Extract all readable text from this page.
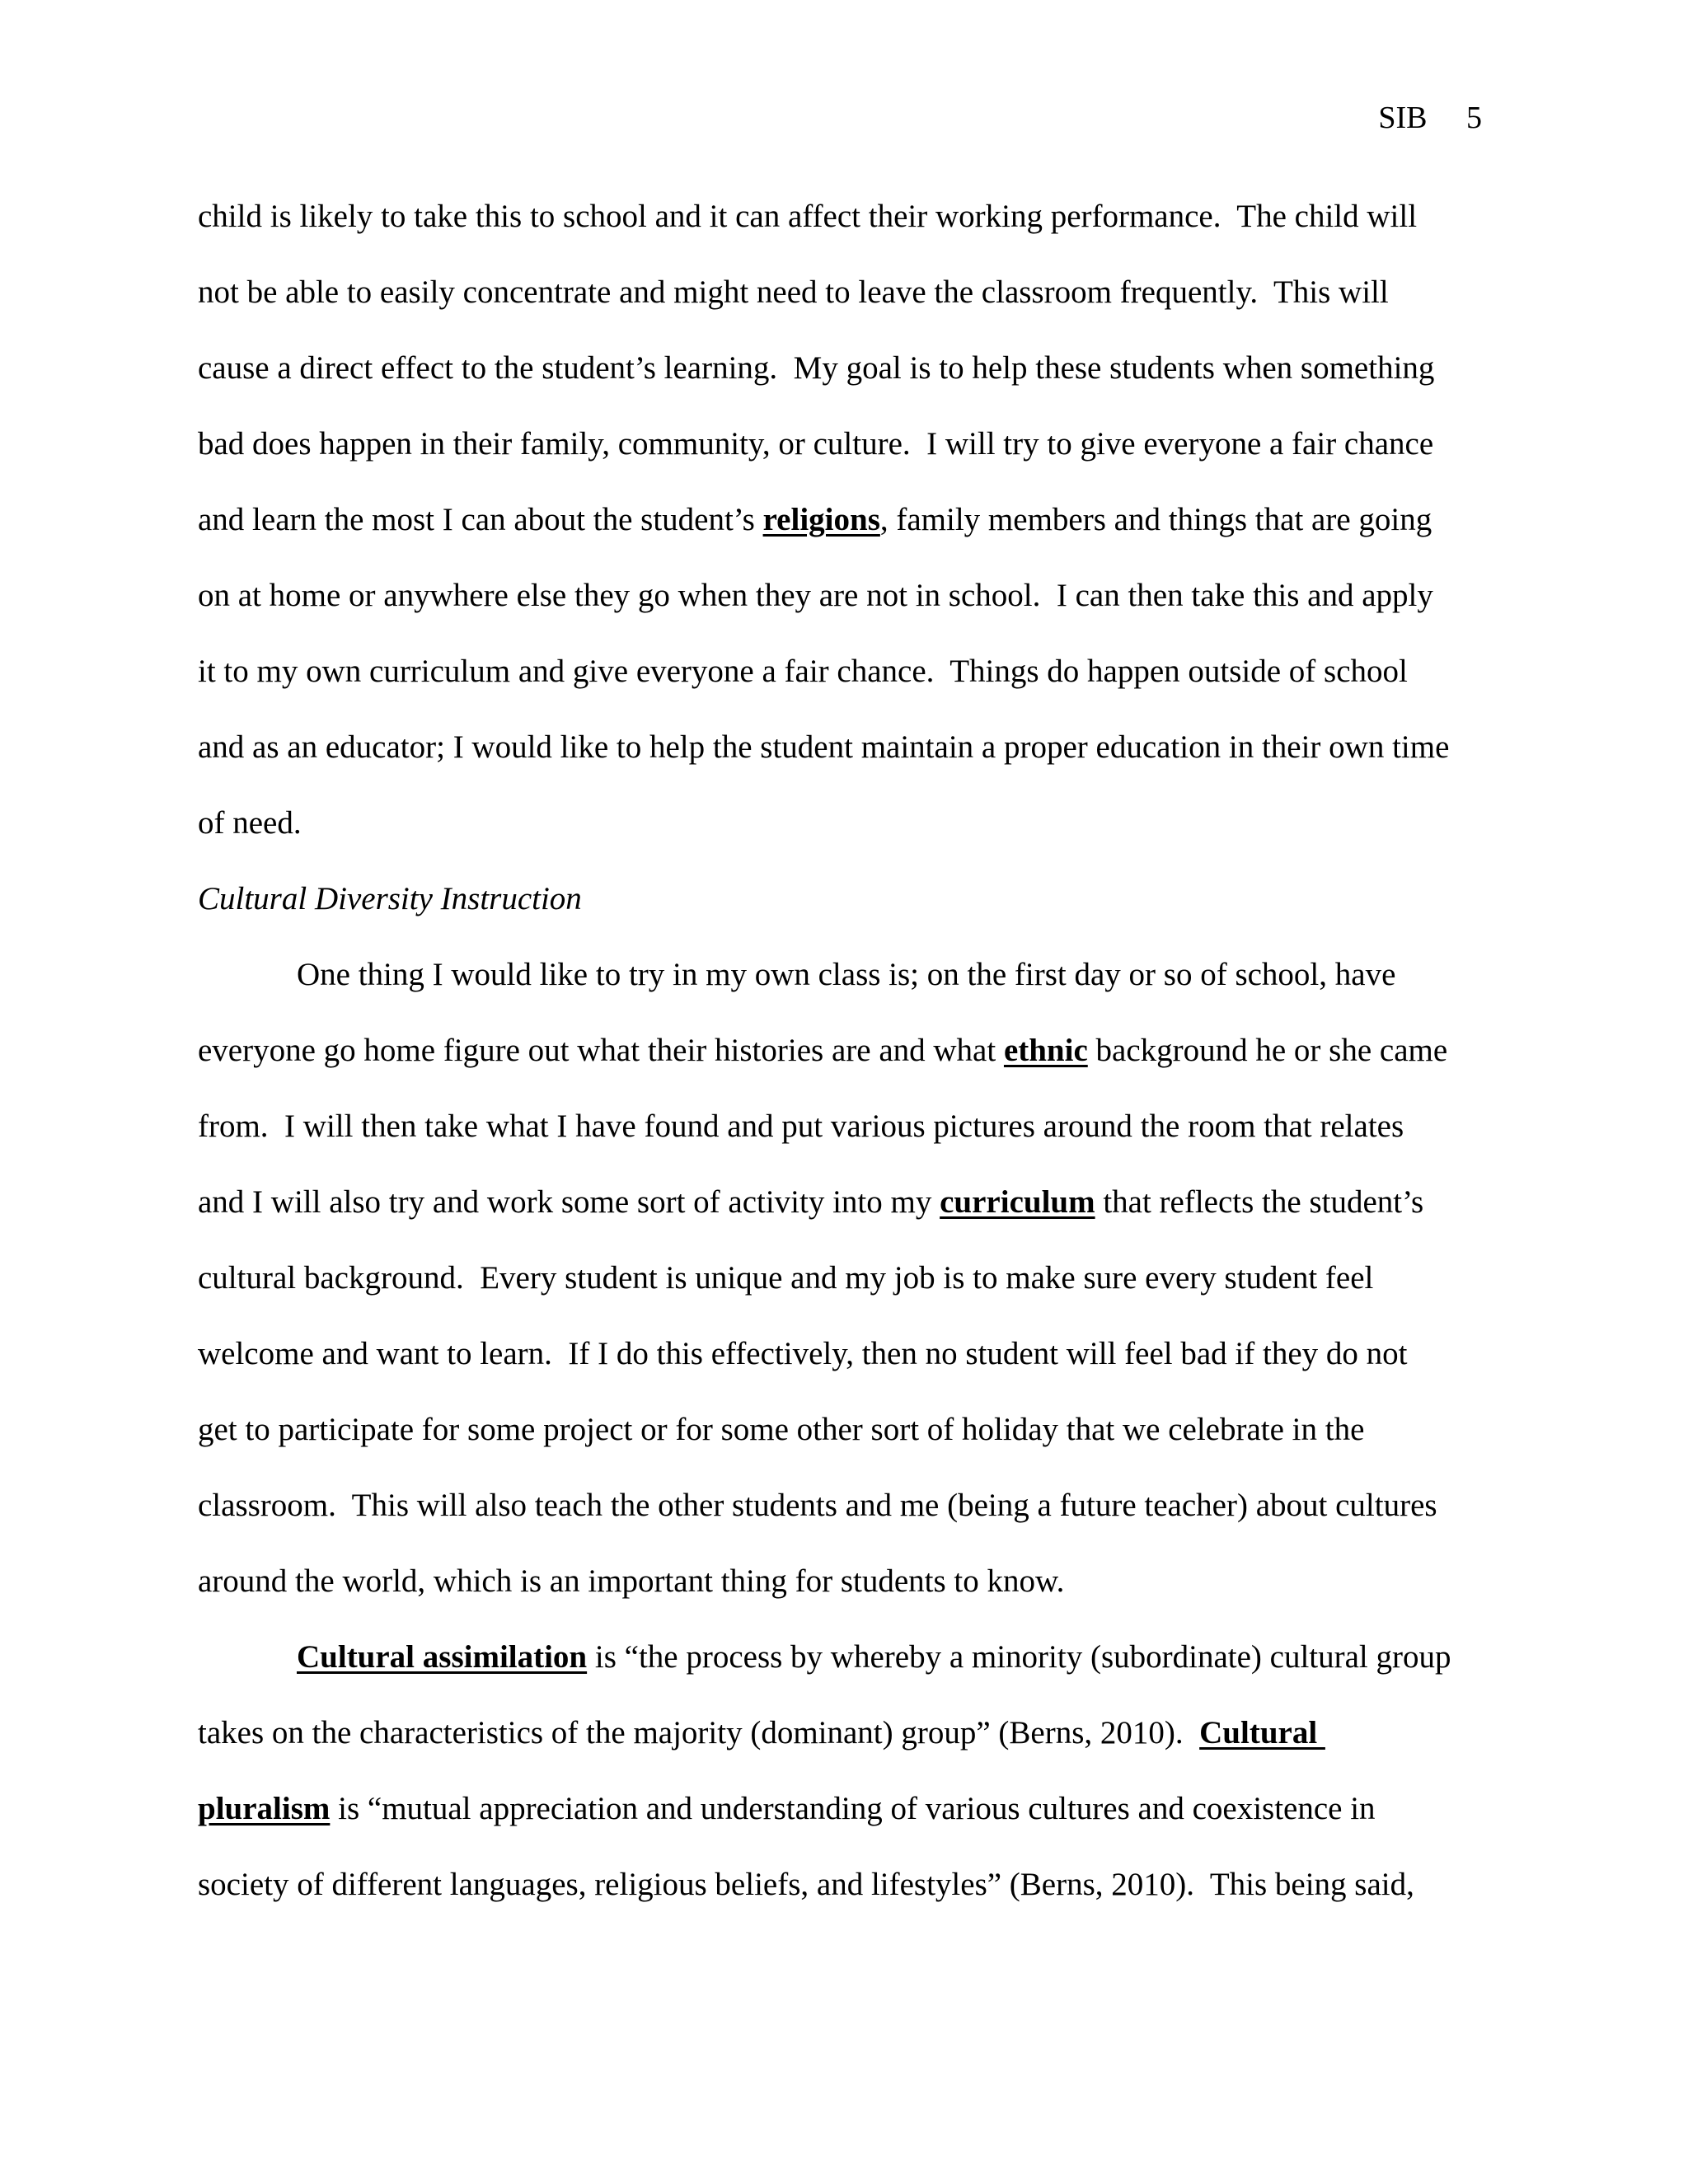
SIB 5
child is likely to take this to school and it can affect their working performance.  The child will
not be able to easily concentrate and might need to leave the classroom frequently.  This will
cause a direct effect to the student’s learning.  My goal is to help these students when something
bad does happen in their family, community, or culture.  I will try to give everyone a fair chance
and learn the most I can about the student’s religions, family members and things that are going
on at home or anywhere else they go when they are not in school.  I can then take this and apply
it to my own curriculum and give everyone a fair chance.  Things do happen outside of school
and as an educator; I would like to help the student maintain a proper education in their own time
of need.
Cultural Diversity Instruction
One thing I would like to try in my own class is; on the first day or so of school, have
everyone go home figure out what their histories are and what ethnic background he or she came
from.  I will then take what I have found and put various pictures around the room that relates
and I will also try and work some sort of activity into my curriculum that reflects the student’s
cultural background.  Every student is unique and my job is to make sure every student feel
welcome and want to learn.  If I do this effectively, then no student will feel bad if they do not
get to participate for some project or for some other sort of holiday that we celebrate in the
classroom.  This will also teach the other students and me (being a future teacher) about cultures
around the world, which is an important thing for students to know.
Cultural assimilation is “the process by whereby a minority (subordinate) cultural group
takes on the characteristics of the majority (dominant) group” (Berns, 2010).  Cultural
pluralism is “mutual appreciation and understanding of various cultures and coexistence in
society of different languages, religious beliefs, and lifestyles” (Berns, 2010).  This being said,
